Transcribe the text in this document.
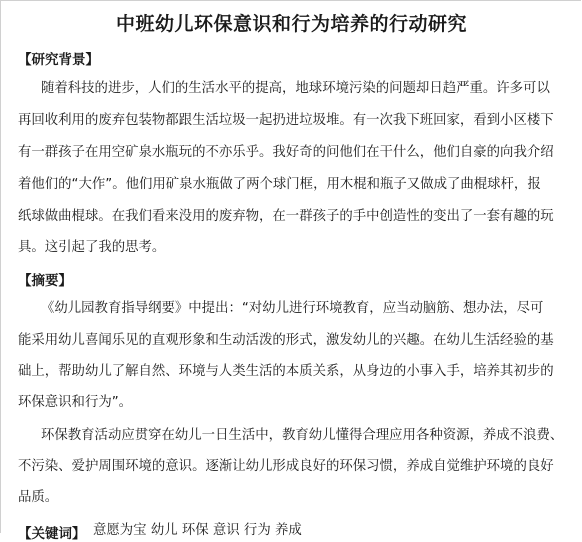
中班幼儿环保意识和行为培养的行动研究
【研究背景】
随着科技的进步，人们的生活水平的提高，地球环境污染的问题却日趋严重。许多可以
再回收利用的废弃包装物都跟生活垃圾一起扔进垃圾堆。有一次我下班回家，看到小区楼下
有一群孩子在用空矿泉水瓶玩的不亦乐乎。我好奇的问他们在干什么，他们自豪的向我介绍
着他们的“大作”。他们用矿泉水瓶做了两个球门框，用木棍和瓶子又做成了曲棍球杆，报
纸球做曲棍球。在我们看来没用的废弃物，在一群孩子的手中创造性的变出了一套有趣的玩
具。这引起了我的思考。
【摘要】
《幼儿园教育指导纲要》中提出：“对幼儿进行环境教育，应当动脑筋、想办法，尽可
能采用幼儿喜闻乐见的直观形象和生动活泼的形式，激发幼儿的兴趣。在幼儿生活经验的基
础上，帮助幼儿了解自然、环境与人类生活的本质关系，从身边的小事入手，培养其初步的
环保意识和行为”。
环保教育活动应贯穿在幼儿一日生活中，教育幼儿懂得合理应用各种资源，养成不浪费、
不污染、爱护周围环境的意识。逐渐让幼儿形成良好的环保习惯，养成自觉维护环境的良好
品质。
【关键词】 意愿为宝 幼儿 环保 意识 行为 养成
